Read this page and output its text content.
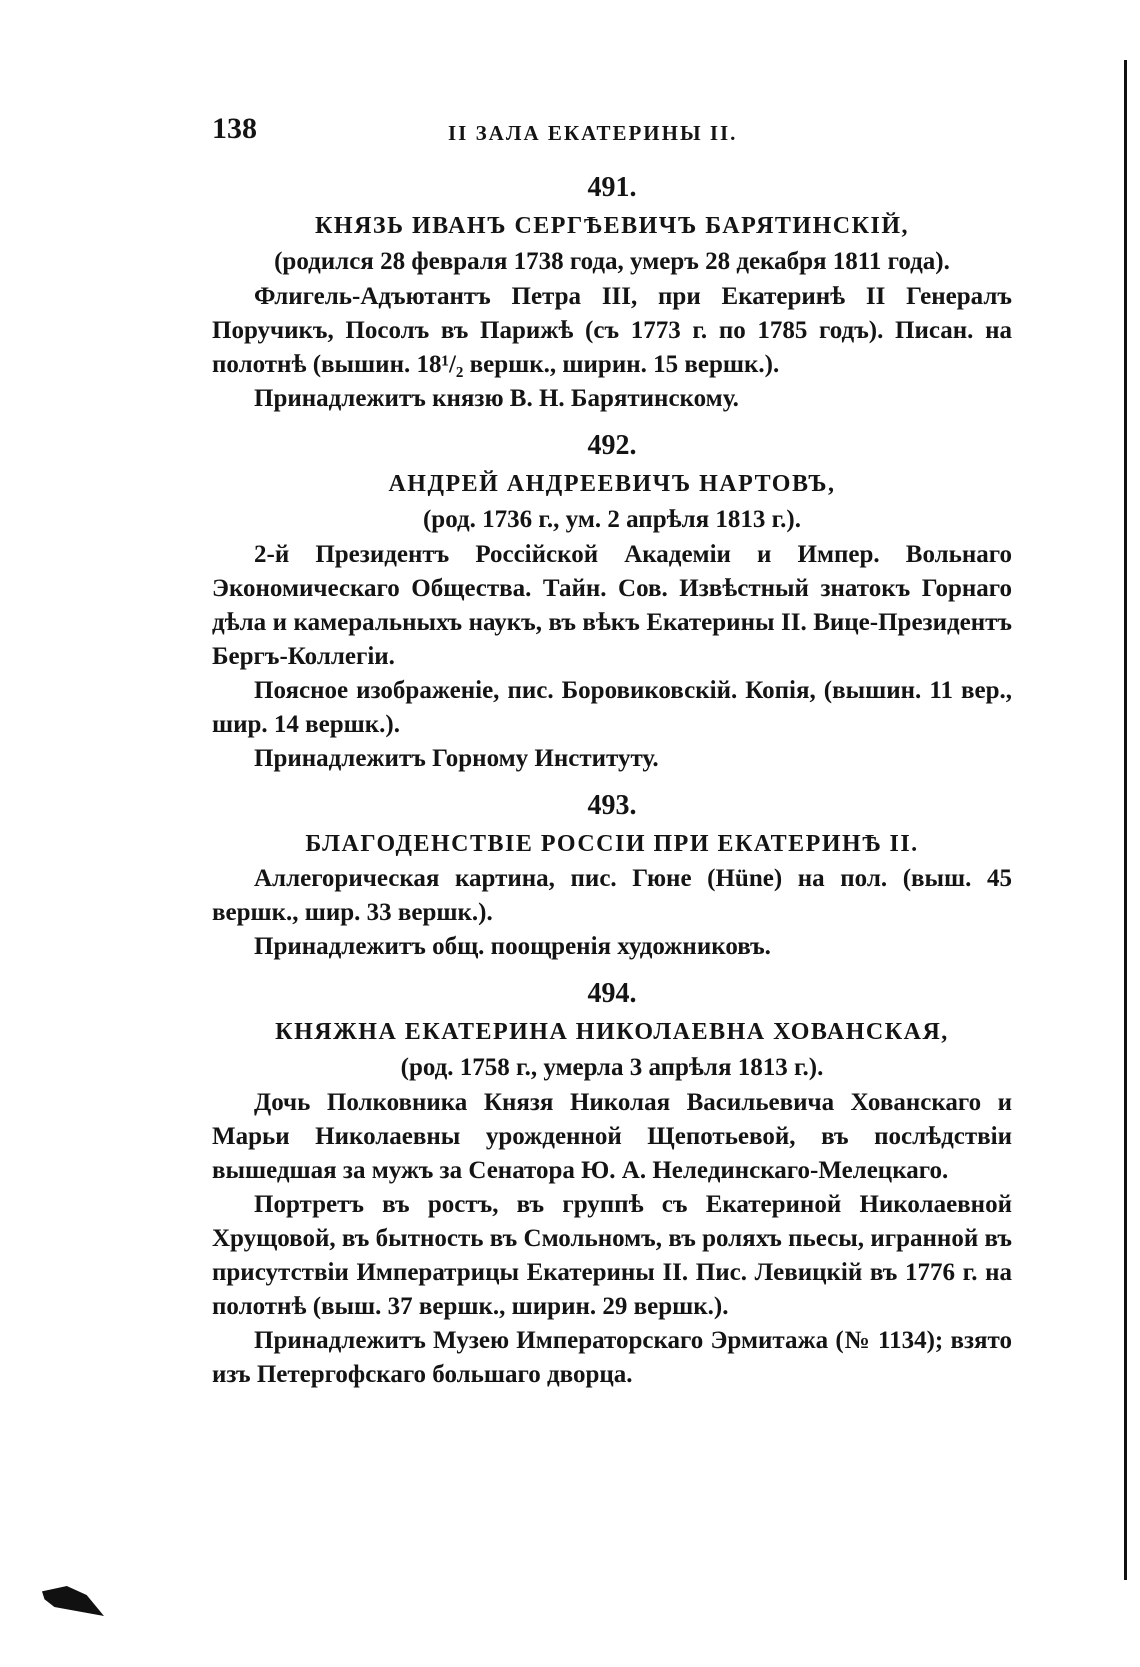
138	II ЗАЛА ЕКАТЕРИНЫ II.
491.
КНЯЗЬ ИВАНЪ СЕРГѢЕВИЧЪ БАРЯТИНСКІЙ,
(родился 28 февраля 1738 года, умеръ 28 декабря 1811 года).
Флигель-Адъютантъ Петра III, при Екатеринѣ II Генералъ Поручикъ, Посолъ въ Парижѣ (съ 1773 г. по 1785 годъ). Писан. на полотнѣ (вышин. 18¹/₂ вершк., ширин. 15 вершк.).
Принадлежитъ князю В. Н. Барятинскому.
492.
АНДРЕЙ АНДРЕЕВИЧЪ НАРТОВЪ,
(род. 1736 г., ум. 2 апрѣля 1813 г.).
2-й Президентъ Россійской Академіи и Импер. Вольнаго Экономическаго Общества. Тайн. Сов. Извѣстный знатокъ Горнаго дѣла и камеральныхъ наукъ, въ вѣкъ Екатерины II. Вице-Президентъ Бергъ-Коллегіи.
Поясное изображеніе, пис. Боровиковскій. Копія, (вышин. 11 вер., шир. 14 вершк.).
Принадлежитъ Горному Институту.
493.
БЛАГОДЕНСТВІЕ РОССІИ ПРИ ЕКАТЕРИНѢ II.
Аллегорическая картина, пис. Гюне (Hüne) на пол. (выш. 45 вершк., шир. 33 вершк.).
Принадлежитъ общ. поощренія художниковъ.
494.
КНЯЖНА ЕКАТЕРИНА НИКОЛАЕВНА ХОВАНСКАЯ,
(род. 1758 г., умерла 3 апрѣля 1813 г.).
Дочь Полковника Князя Николая Васильевича Хованскаго и Марьи Николаевны урожденной Щепотьевой, въ послѣдствіи вышедшая за мужъ за Сенатора Ю. А. Нелединскаго-Мелецкаго.
Портретъ въ ростъ, въ группѣ съ Екатериной Николаевной Хрущовой, въ бытность въ Смольномъ, въ роляхъ пьесы, игранной въ присутствіи Императрицы Екатерины II. Пис. Левицкій въ 1776 г. на полотнѣ (выш. 37 вершк., ширин. 29 вершк.).
Принадлежитъ Музею Императорскаго Эрмитажа (№ 1134); взято изъ Петергофскаго большаго дворца.
